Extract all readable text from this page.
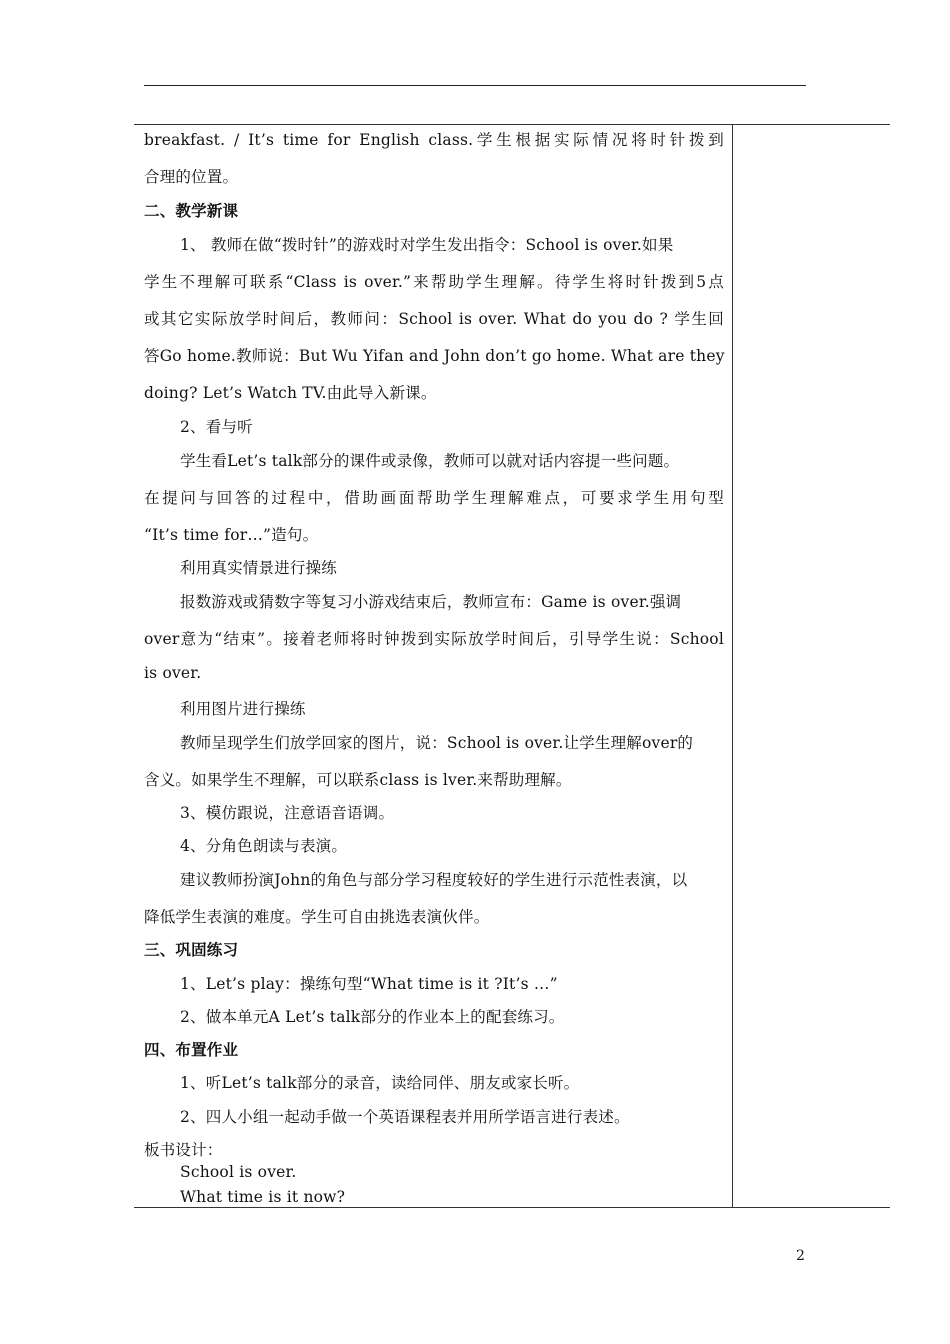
breakfast. / It’s time for English class.学生根据实际情况将时针拨到
合理的位置。
二、教学新课
1、 教师在做“拨时针”的游戏时对学生发出指令：School is over.如果
学生不理解可联系“Class is over.”来帮助学生理解。待学生将时针拨到5点
或其它实际放学时间后，教师问：School is over. What do you do ? 学生回
答Go home.教师说：But Wu Yifan and John don’t go home. What are they
doing? Let’s Watch TV.由此导入新课。
2、看与听
学生看Let’s talk部分的课件或录像，教师可以就对话内容提一些问题。
在提问与回答的过程中，借助画面帮助学生理解难点，可要求学生用句型
“It’s time for…”造句。
利用真实情景进行操练
报数游戏或猜数字等复习小游戏结束后，教师宣布：Game is over.强调
over意为“结束”。接着老师将时钟拨到实际放学时间后，引导学生说：School
is over.
利用图片进行操练
教师呈现学生们放学回家的图片，说：School is over.让学生理解over的
含义。如果学生不理解，可以联系class is lver.来帮助理解。
3、模仿跟说，注意语音语调。
4、分角色朗读与表演。
建议教师扮演John的角色与部分学习程度较好的学生进行示范性表演，以
降低学生表演的难度。学生可自由挑选表演伙伴。
三、巩固练习
1、Let’s play：操练句型“What time is it ?It’s …”
2、做本单元A Let’s talk部分的作业本上的配套练习。
四、布置作业
1、听Let’s talk部分的录音，读给同伴、朋友或家长听。
2、四人小组一起动手做一个英语课程表并用所学语言进行表述。
板书设计：
School is over.
What time is it now?
2
